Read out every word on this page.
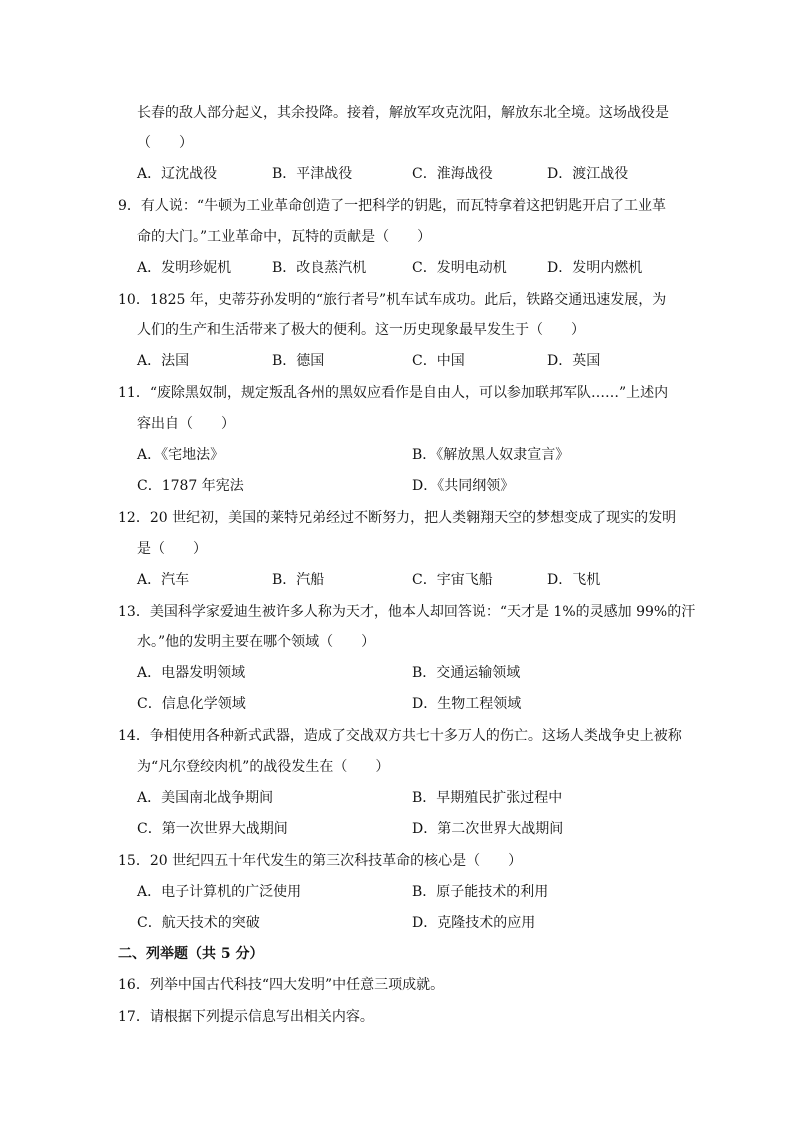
长春的敌人部分起义，其余投降。接着，解放军攻克沈阳，解放东北全境。这场战役是
（　　）
A．辽沈战役	B．平津战役	C．淮海战役	D．渡江战役
9．有人说：“牛顿为工业革命创造了一把科学的钥匙，而瓦特拿着这把钥匙开启了工业革
命的大门。”工业革命中，瓦特的贡献是（　　）
A．发明珍妮机	B．改良蒸汽机	C．发明电动机	D．发明内燃机
10．1825 年，史蒂芬孙发明的“旅行者号”机车试车成功。此后，铁路交通迅速发展，为
人们的生产和生活带来了极大的便利。这一历史现象最早发生于（　　）
A．法国	B．德国	C．中国	D．英国
11．“废除黑奴制，规定叛乱各州的黑奴应看作是自由人，可以参加联邦军队……”上述内
容出自（　　）
A．《宅地法》	B．《解放黑人奴隶宣言》
C．1787 年宪法	D．《共同纲领》
12．20 世纪初，美国的莱特兄弟经过不断努力，把人类翱翔天空的梦想变成了现实的发明
是（　　）
A．汽车	B．汽船	C．宇宙飞船	D．飞机
13．美国科学家爱迪生被许多人称为天才，他本人却回答说：“天才是 1%的灵感加 99%的汗
水。”他的发明主要在哪个领域（　　）
A．电器发明领域	B．交通运输领域
C．信息化学领域	D．生物工程领域
14．争相使用各种新式武器，造成了交战双方共七十多万人的伤亡。这场人类战争史上被称
为“凡尔登绞肉机”的战役发生在（　　）
A．美国南北战争期间	B．早期殖民扩张过程中
C．第一次世界大战期间	D．第二次世界大战期间
15．20 世纪四五十年代发生的第三次科技革命的核心是（　　）
A．电子计算机的广泛使用	B．原子能技术的利用
C．航天技术的突破	D．克隆技术的应用
二、列举题（共 5 分）
16．列举中国古代科技“四大发明”中任意三项成就。
17．请根据下列提示信息写出相关内容。
